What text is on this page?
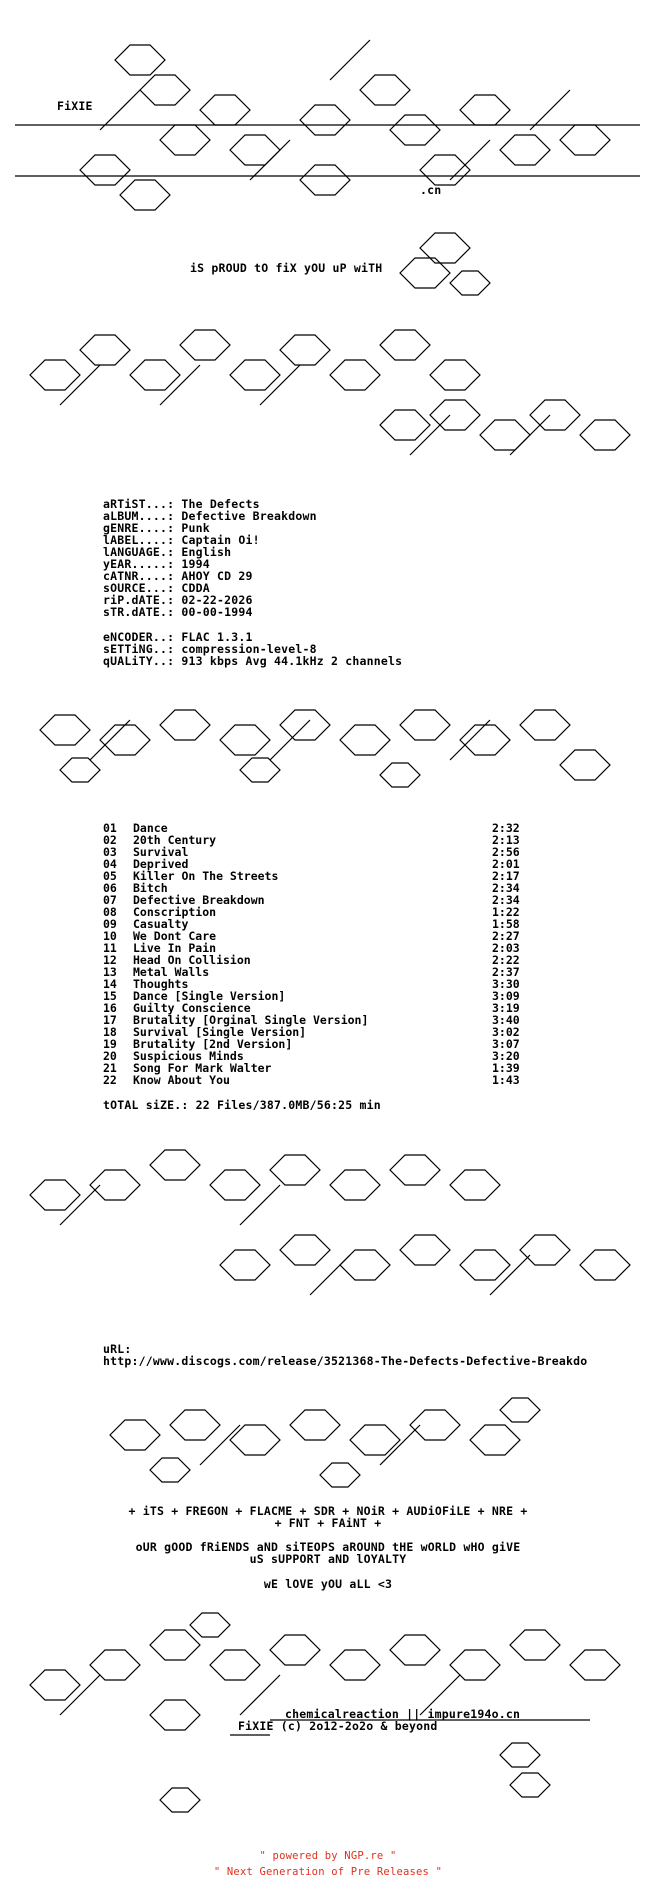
FiXIE
.cn
iS pROUD tO fiX yOU uP wiTH
aRTiST...: The Defects
aLBUM....: Defective Breakdown
gENRE....: Punk
lABEL....: Captain Oi!
lANGUAGE.: English
yEAR.....: 1994
cATNR....: AHOY CD 29
sOURCE...: CDDA
riP.dATE.: 02-22-2026
sTR.dATE.: 00-00-1994
eNCODER..: FLAC 1.3.1
sETTiNG..: compression-level-8
qUALiTY..: 913 kbps Avg 44.1kHz 2 channels
01 Dance	2:32
02 20th Century	2:13
03 Survival	2:56
04 Deprived	2:01
05 Killer On The Streets	2:17
06 Bitch	2:34
07 Defective Breakdown	2:34
08 Conscription	1:22
09 Casualty	1:58
10 We Dont Care	2:27
11 Live In Pain	2:03
12 Head On Collision	2:22
13 Metal Walls	2:37
14 Thoughts	3:30
15 Dance [Single Version]	3:09
16 Guilty Conscience	3:19
17 Brutality [Orginal Single Version]	3:40
18 Survival [Single Version]	3:02
19 Brutality [2nd Version]	3:07
20 Suspicious Minds	3:20
21 Song For Mark Walter	1:39
22 Know About You	1:43
tOTAL siZE.: 22 Files/387.0MB/56:25 min
uRL:
http://www.discogs.com/release/3521368-The-Defects-Defective-Breakdo
+ iTS + FREGON + FLACME + SDR + NOiR + AUDiOFiLE + NRE +
+ FNT + FAiNT +
oUR gOOD fRiENDS aND siTEOPS aROUND tHE wORLD wHO giVE
uS sUPPORT aND lOYALTY
wE lOVE yOU aLL <3
chemicalreaction || impure194o.cn
FiXIE (c) 2o12-2o2o & beyond
" powered by NGP.re "
" Next Generation of Pre Releases "
